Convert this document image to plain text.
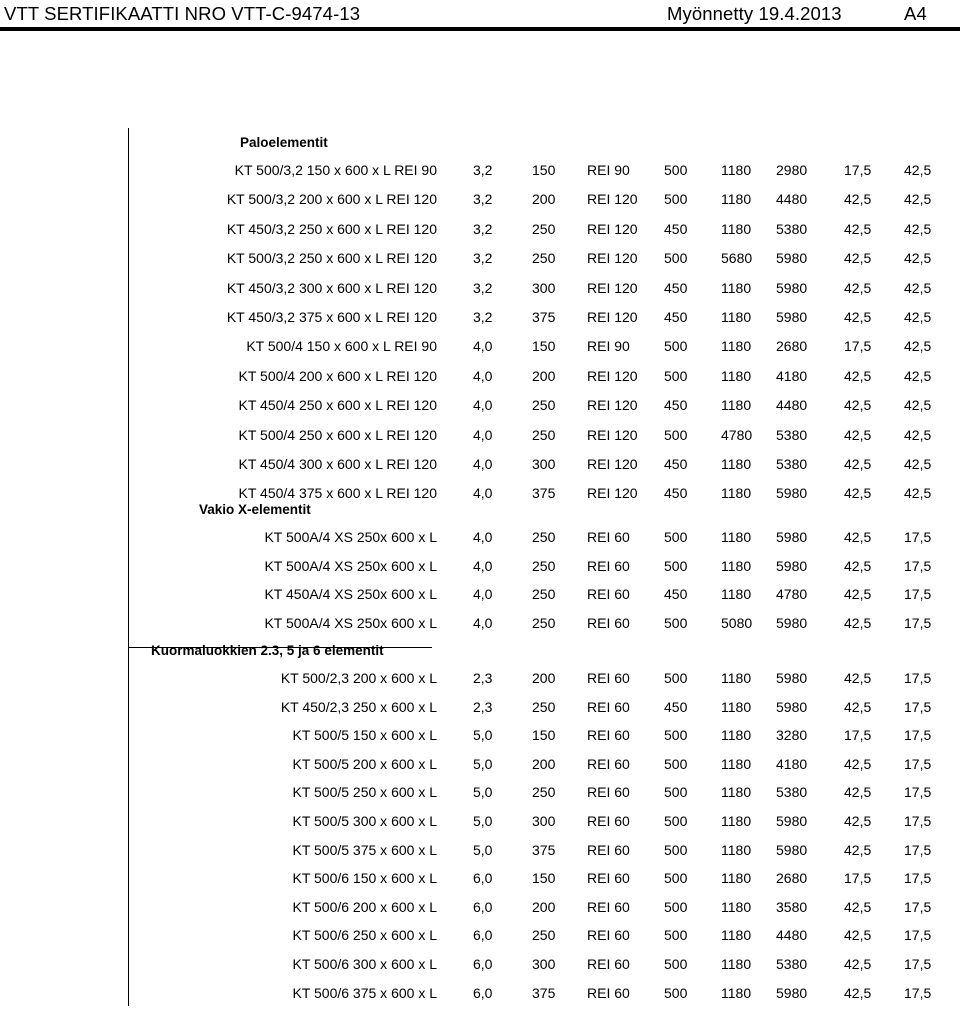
VTT SERTIFIKAATTI NRO VTT-C-9474-13	Myönnetty 19.4.2013	A4
Paloelementit
KT 500/3,2 150 x 600 x L REI 90	3,2	150 REI 90 500 1180 2980	17,5 42,5
KT 500/3,2 200 x 600 x L REI 120	3,2	200 REI 120 500 1180 4480	42,5 42,5
KT 450/3,2 250 x 600 x L REI 120	3,2	250 REI 120 450 1180 5380	42,5 42,5
KT 500/3,2 250 x 600 x L REI 120	3,2	250 REI 120 500 5680 5980	42,5 42,5
KT 450/3,2 300 x 600 x L REI 120	3,2	300 REI 120 450 1180 5980	42,5 42,5
KT 450/3,2 375 x 600 x L REI 120	3,2	375 REI 120 450 1180 5980	42,5 42,5
KT 500/4 150 x 600 x L REI 90	4,0	150 REI 90 500 1180 2680	17,5 42,5
KT 500/4 200 x 600 x L REI 120	4,0	200 REI 120 500 1180 4180	42,5 42,5
KT 450/4 250 x 600 x L REI 120	4,0	250 REI 120 450 1180 4480	42,5 42,5
KT 500/4 250 x 600 x L REI 120	4,0	250 REI 120 500 4780 5380	42,5 42,5
KT 450/4 300 x 600 x L REI 120	4,0	300 REI 120 450 1180 5380	42,5 42,5
KT 450/4 375 x 600 x L REI 120	4,0	375 REI 120 450 1180 5980	42,5 42,5
Vakio X-elementit
KT 500A/4 XS 250x 600 x L	4,0	250 REI 60 500 1180 5980	42,5 17,5
KT 500A/4 XS 250x 600 x L	4,0	250 REI 60 500 1180 5980	42,5 17,5
KT 450A/4 XS 250x 600 x L	4,0	250 REI 60 450 1180 4780	42,5 17,5
KT 500A/4 XS 250x 600 x L	4,0	250 REI 60 500 5080 5980	42,5 17,5
Kuormaluokkien 2.3, 5 ja 6 elementit
KT 500/2,3 200 x 600 x L	2,3	200 REI 60 500 1180 5980	42,5 17,5
KT 450/2,3 250 x 600 x L	2,3	250 REI 60 450 1180 5980	42,5 17,5
KT 500/5 150 x 600 x L	5,0	150 REI 60 500 1180 3280	17,5 17,5
KT 500/5 200 x 600 x L	5,0	200 REI 60 500 1180 4180	42,5 17,5
KT 500/5 250 x 600 x L	5,0	250 REI 60 500 1180 5380	42,5 17,5
KT 500/5 300 x 600 x L	5,0	300 REI 60 500 1180 5980	42,5 17,5
KT 500/5 375 x 600 x L	5,0	375 REI 60 500 1180 5980	42,5 17,5
KT 500/6 150 x 600 x L	6,0	150 REI 60 500 1180 2680	17,5 17,5
KT 500/6 200 x 600 x L	6,0	200 REI 60 500 1180 3580	42,5 17,5
KT 500/6 250 x 600 x L	6,0	250 REI 60 500 1180 4480	42,5 17,5
KT 500/6 300 x 600 x L	6,0	300 REI 60 500 1180 5380	42,5 17,5
KT 500/6 375 x 600 x L	6,0	375 REI 60 500 1180 5980	42,5 17,5
